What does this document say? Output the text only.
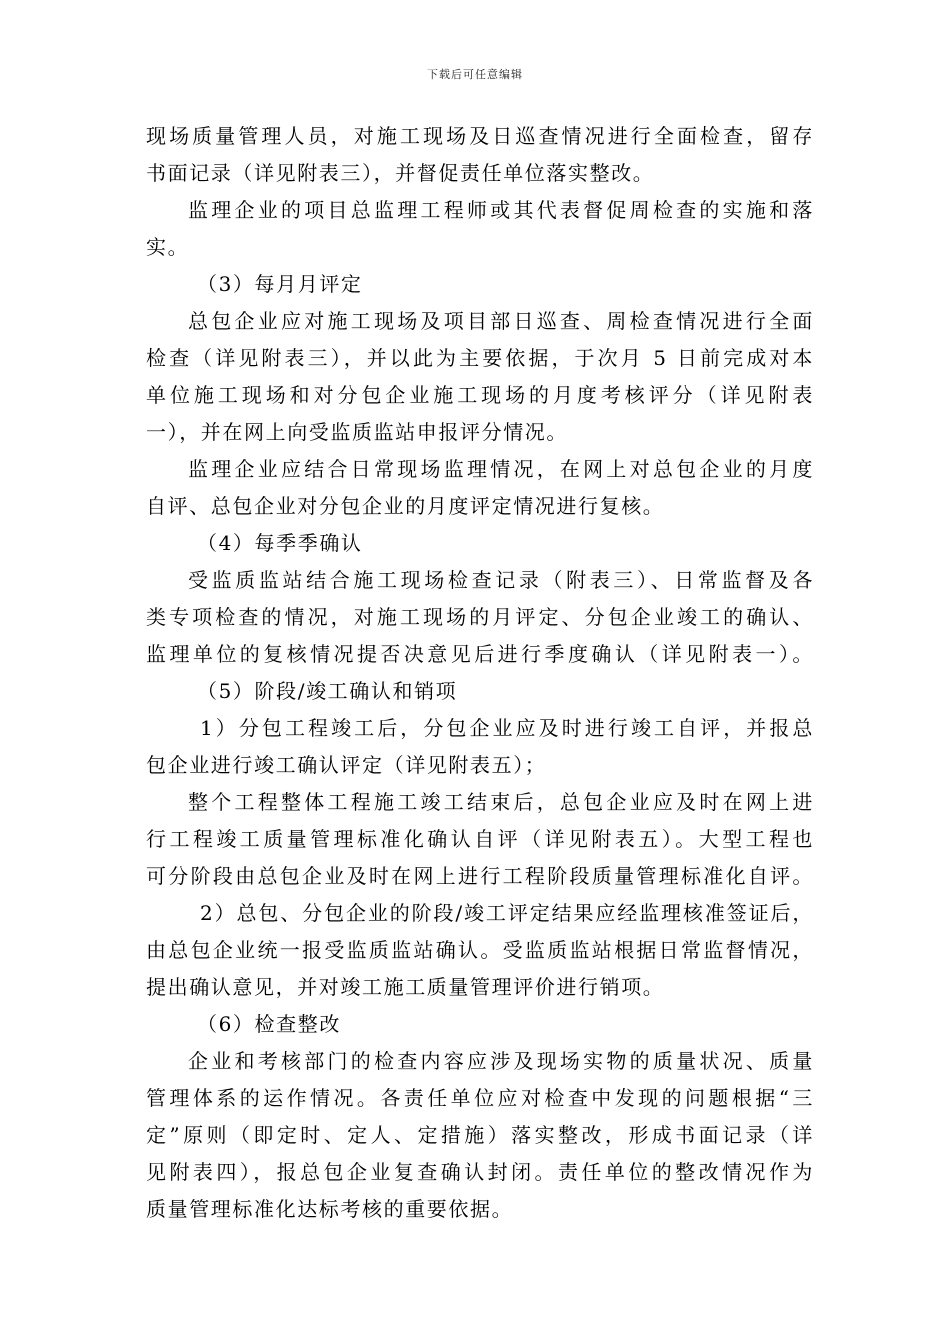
下载后可任意编辑
现场质量管理人员，对施工现场及日巡查情况进行全面检查，留存
书面记录（详见附表三），并督促责任单位落实整改。
监理企业的项目总监理工程师或其代表督促周检查的实施和落
实。
（3）每月月评定
总包企业应对施工现场及项目部日巡查、周检查情况进行全面
检查（详见附表三），并以此为主要依据，于次月 5 日前完成对本
单位施工现场和对分包企业施工现场的月度考核评分（详见附表
一），并在网上向受监质监站申报评分情况。
监理企业应结合日常现场监理情况，在网上对总包企业的月度
自评、总包企业对分包企业的月度评定情况进行复核。
（4）每季季确认
受监质监站结合施工现场检查记录（附表三）、日常监督及各
类专项检查的情况，对施工现场的月评定、分包企业竣工的确认、
监理单位的复核情况提否决意见后进行季度确认（详见附表一）。
（5）阶段/竣工确认和销项
1）分包工程竣工后，分包企业应及时进行竣工自评，并报总
包企业进行竣工确认评定（详见附表五）；
整个工程整体工程施工竣工结束后，总包企业应及时在网上进
行工程竣工质量管理标准化确认自评（详见附表五）。大型工程也
可分阶段由总包企业及时在网上进行工程阶段质量管理标准化自评。
2）总包、分包企业的阶段/竣工评定结果应经监理核准签证后，
由总包企业统一报受监质监站确认。受监质监站根据日常监督情况，
提出确认意见，并对竣工施工质量管理评价进行销项。
（6）检查整改
企业和考核部门的检查内容应涉及现场实物的质量状况、质量
管理体系的运作情况。各责任单位应对检查中发现的问题根据“三
定”原则（即定时、定人、定措施）落实整改，形成书面记录（详
见附表四），报总包企业复查确认封闭。责任单位的整改情况作为
质量管理标准化达标考核的重要依据。
